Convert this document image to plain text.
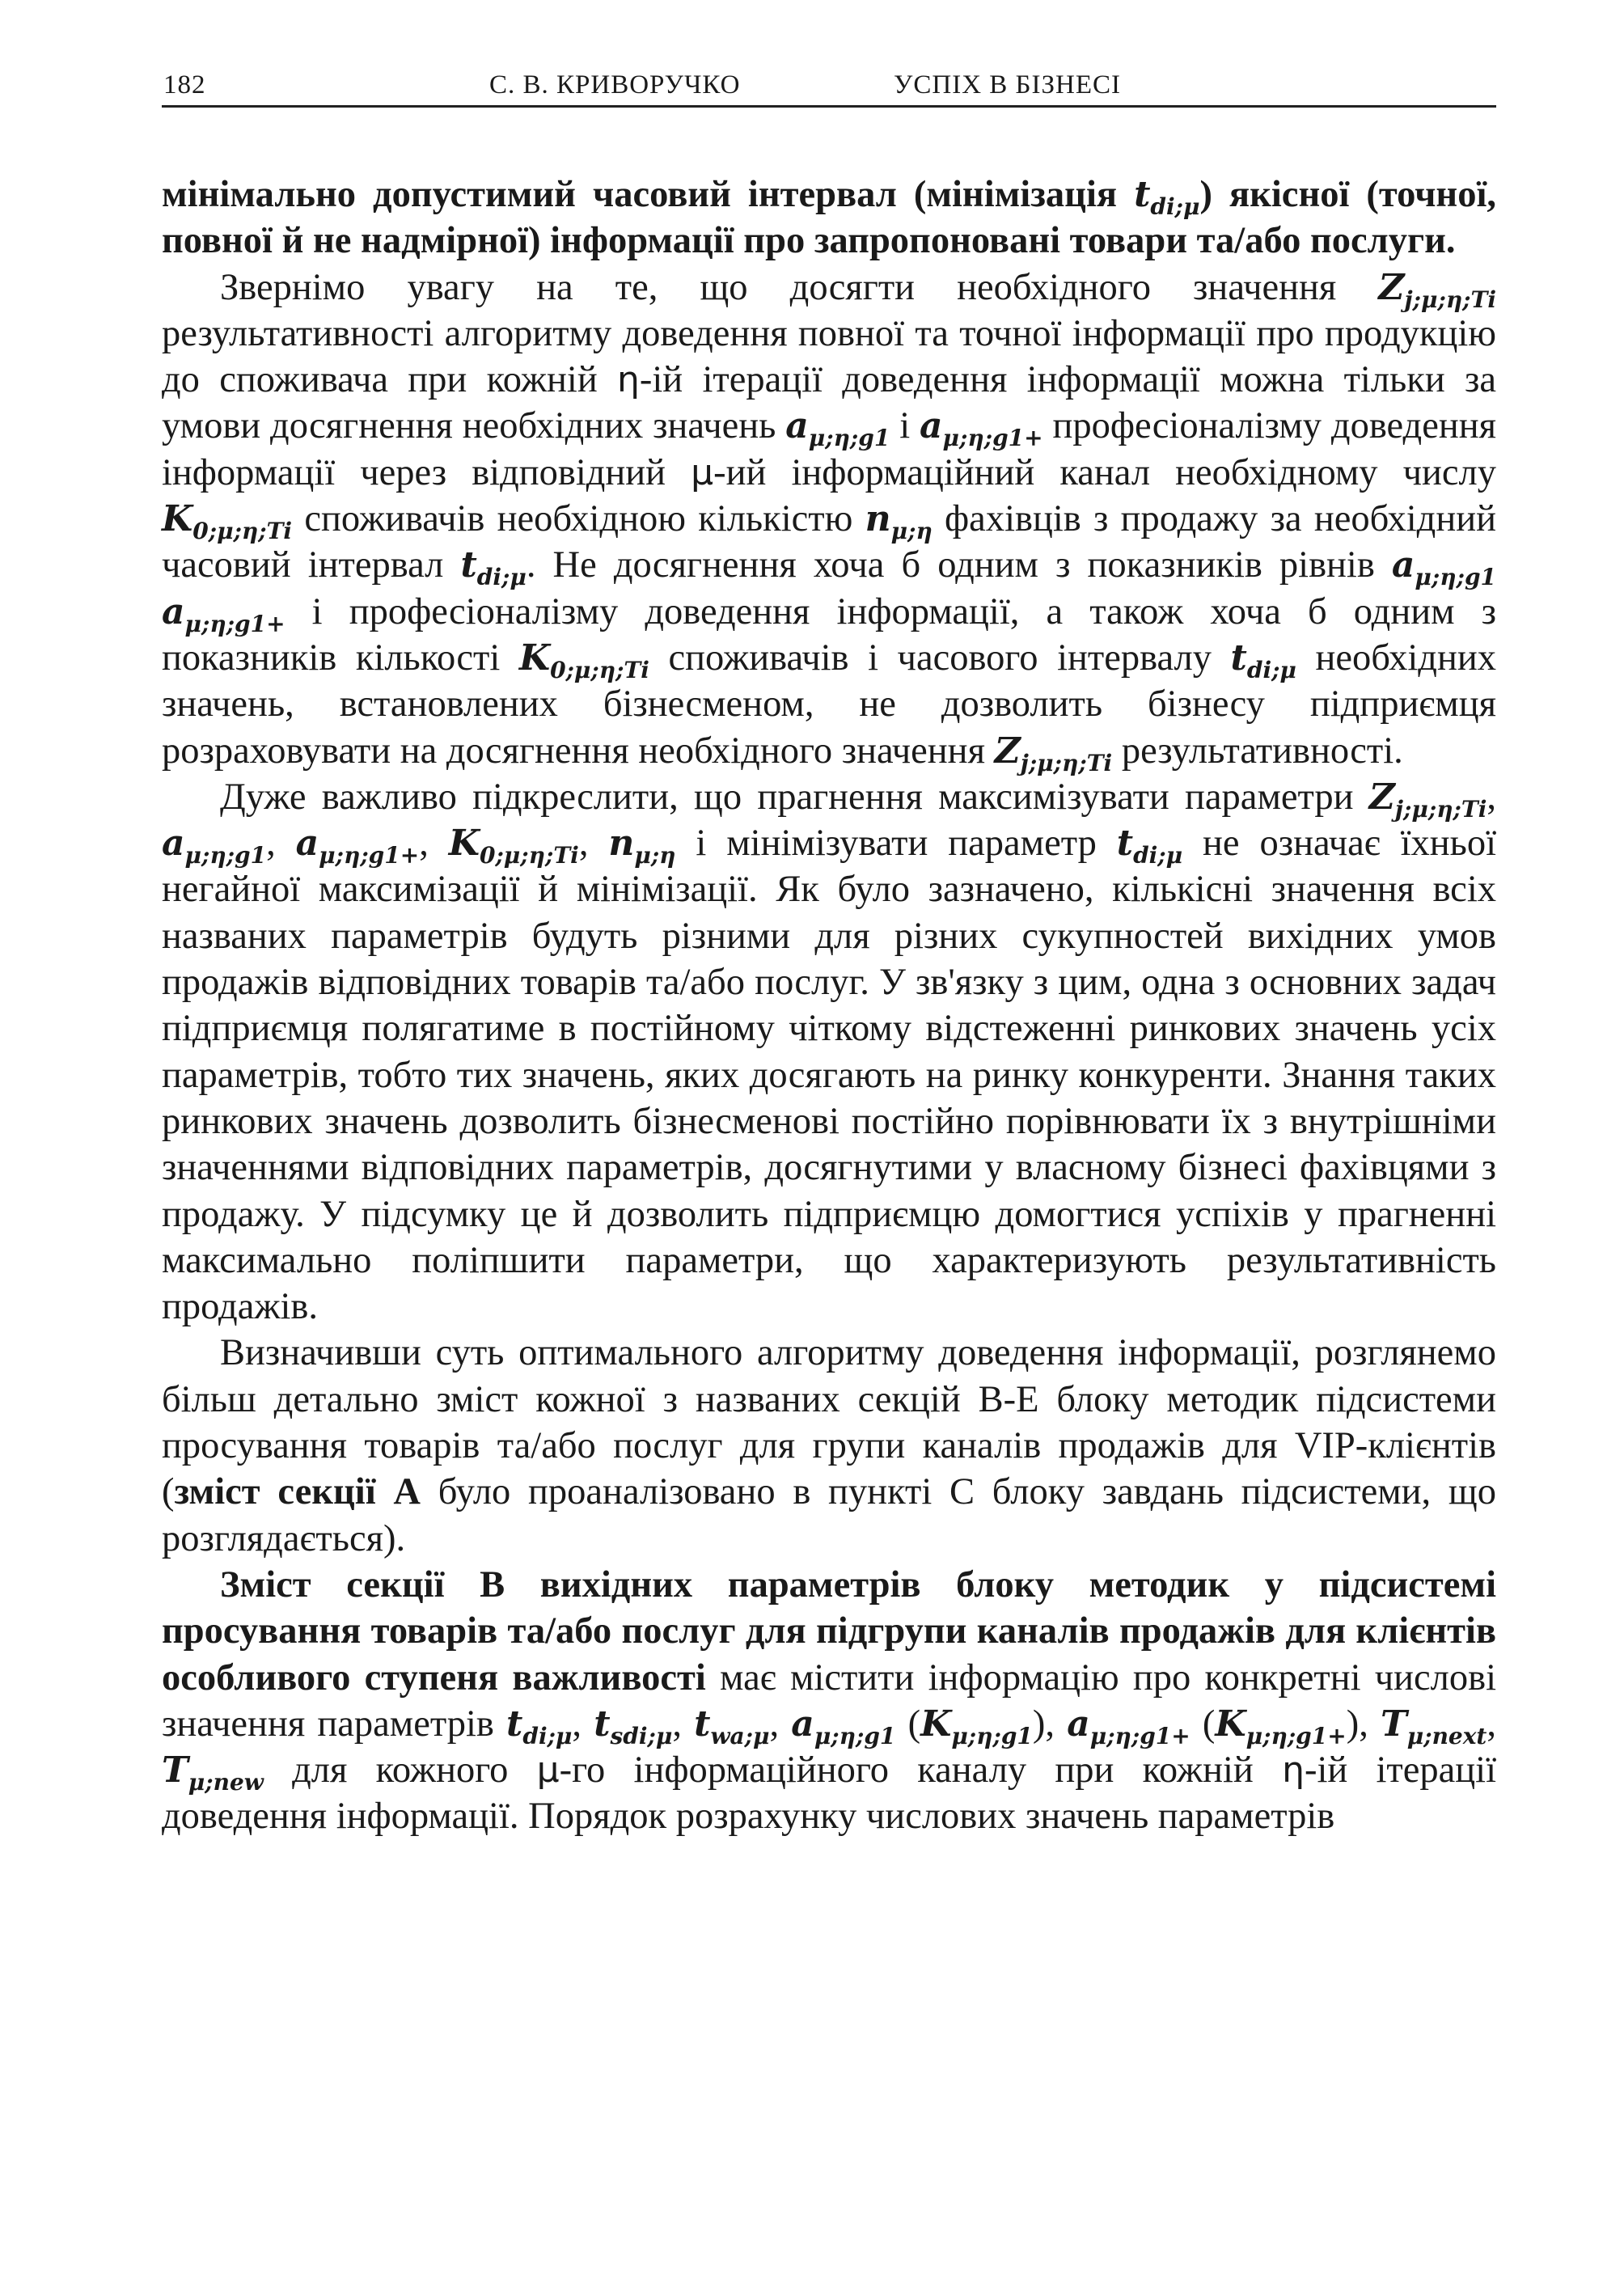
182	С. В. КРИВОРУЧКО	УСПІХ В БІЗНЕСІ

мінімально допустимий часовий інтервал (мінімізація $t_{di;\mu}$) якісної (точної, повної й не надмірної) інформації про запропоновані товари та/або послуги.

Звернімо увагу на те, що досягти необхідного значення $Z_{j;\mu;\eta;Ti}$ результативності алгоритму доведення повної та точної інформації про продукцію до споживача при кожній η-ій ітерації доведення інформації можна тільки за умови досягнення необхідних значень $a_{\mu;\eta;g1}$ і $a_{\mu;\eta;g1+}$ професіоналізму доведення інформації через відповідний μ-ий інформаційний канал необхідному числу $K_{0;\mu;\eta;Ti}$ споживачів необхідною кількістю $n_{\mu;\eta}$ фахівців з продажу за необхідний часовий інтервал $t_{di;\mu}$. Не досягнення хоча б одним з показників рівнів $a_{\mu;\eta;g1}$ $a_{\mu;\eta;g1+}$ і професіоналізму доведення інформації, а також хоча б одним з показників кількості $K_{0;\mu;\eta;Ti}$ споживачів і часового інтервалу $t_{di;\mu}$ необхідних значень, встановлених бізнесменом, не дозволить бізнесу підприємця розраховувати на досягнення необхідного значення $Z_{j;\mu;\eta;Ti}$ результативності.

Дуже важливо підкреслити, що прагнення максимізувати параметри $Z_{j;\mu;\eta;Ti}$, $a_{\mu;\eta;g1}$, $a_{\mu;\eta;g1+}$, $K_{0;\mu;\eta;Ti}$, $n_{\mu;\eta}$ і мінімізувати параметр $t_{di;\mu}$ не означає їхньої негайної максимізації й мінімізації. Як було зазначено, кількісні значення всіх названих параметрів будуть різними для різних сукупностей вихідних умов продажів відповідних товарів та/або послуг. У зв'язку з цим, одна з основних задач підприємця полягатиме в постійному чіткому відстеженні ринкових значень усіх параметрів, тобто тих значень, яких досягають на ринку конкуренти. Знання таких ринкових значень дозволить бізнесменові постійно порівнювати їх з внутрішніми значеннями відповідних параметрів, досягнутими у власному бізнесі фахівцями з продажу. У підсумку це й дозволить підприємцю домогтися успіхів у прагненні максимально поліпшити параметри, що характеризують результативність продажів.

Визначивши суть оптимального алгоритму доведення інформації, розглянемо більш детально зміст кожної з названих секцій В-Е блоку методик підсистеми просування товарів та/або послуг для групи каналів продажів для VIP-клієнтів (зміст секції А було проаналізовано в пункті С блоку завдань підсистеми, що розглядається).

Зміст секції В вихідних параметрів блоку методик у підсистемі просування товарів та/або послуг для підгрупи каналів продажів для клієнтів особливого ступеня важливості має містити інформацію про конкретні числові значення параметрів $t_{di;\mu}$, $t_{sdi;\mu}$, $t_{wa;\mu}$, $a_{\mu;\eta;g1}$ $(K_{\mu;\eta;g1})$, $a_{\mu;\eta;g1+}$ $(K_{\mu;\eta;g1+})$, $T_{\mu;next}$, $T_{\mu;new}$ для кожного μ-го інформаційного каналу при кожній η-ій ітерації доведення інформації. Порядок розрахунку числових значень параметрів
